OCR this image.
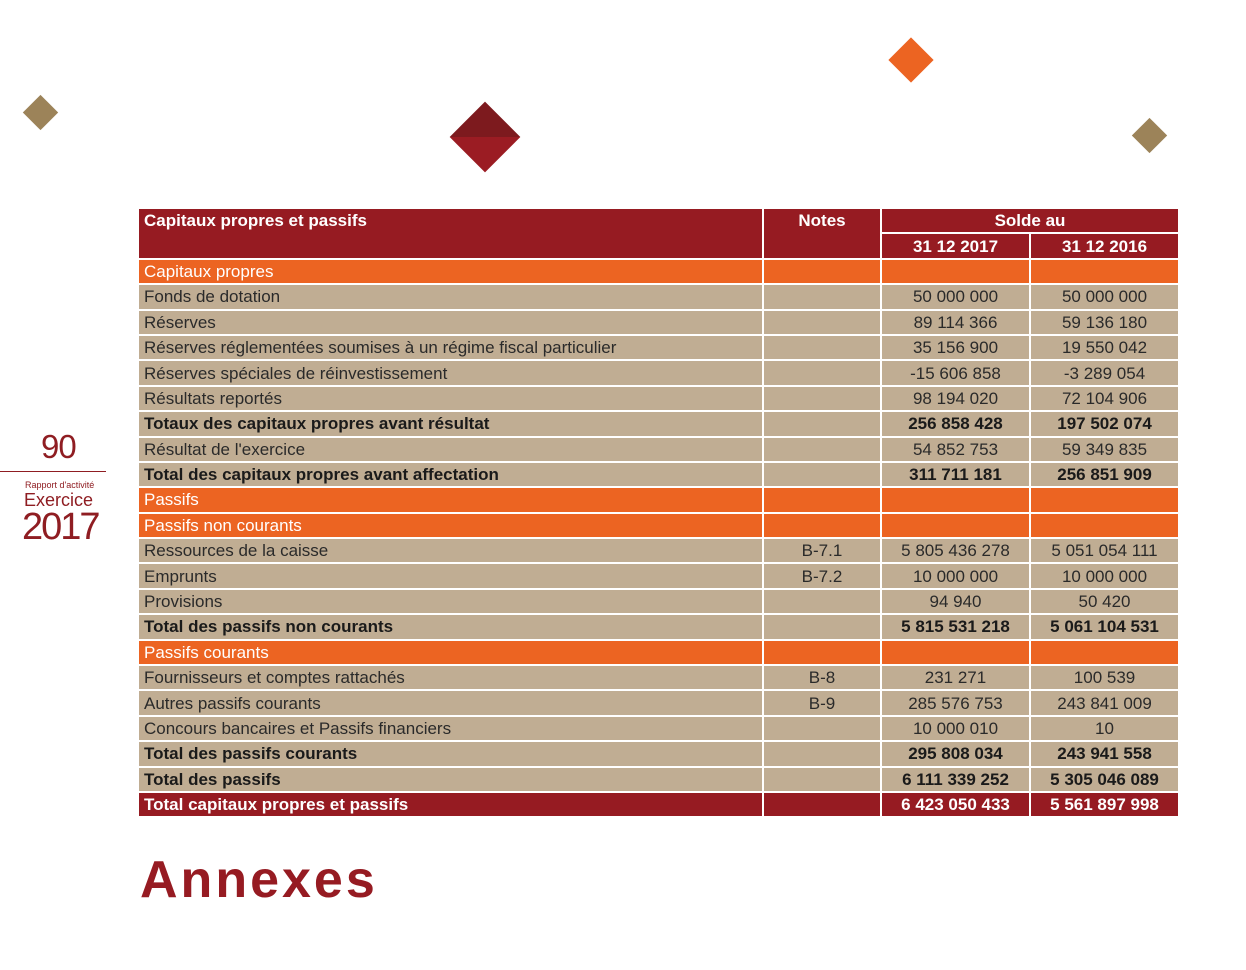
90
Rapport d'activité
Exercice
2017
Capitaux propres et passifs	Notes	Solde au	
		31 12 2017	31 12 2016
Capitaux propres			
Fonds de dotation		50 000 000	50 000 000
Réserves		89 114 366	59 136 180
Réserves réglementées soumises à un régime fiscal particulier		35 156 900	19 550 042
Réserves spéciales de réinvestissement		-15 606 858	-3 289 054
Résultats reportés		98 194 020	72 104 906
Totaux des capitaux propres avant résultat		256 858 428	197 502 074
Résultat de l'exercice		54 852 753	59 349 835
Total des capitaux propres avant affectation		311 711 181	256 851 909
Passifs			
Passifs non courants			
Ressources de la caisse	B-7.1	5 805 436 278	5 051 054 111
Emprunts	B-7.2	10 000 000	10 000 000
Provisions		94 940	50 420
Total des passifs non courants		5 815 531 218	5 061 104 531
Passifs courants			
Fournisseurs et comptes rattachés	B-8	231 271	100 539
Autres passifs courants	B-9	285 576 753	243 841 009
Concours bancaires et Passifs financiers		10 000 010	10
Total des passifs courants		295 808 034	243 941 558
Total des passifs		6 111 339 252	5 305 046 089
Total capitaux propres et passifs		6 423 050 433	5 561 897 998
Annexes
